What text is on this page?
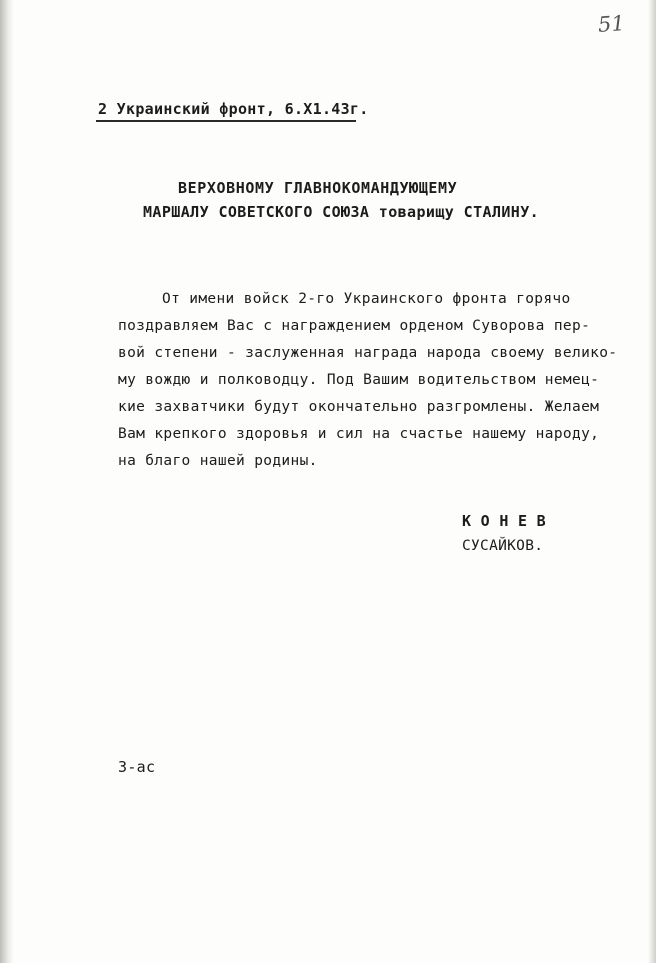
51
2 Украинский фронт, 6.Х1.43г.
ВЕРХОВНОМУ ГЛАВНОКОМАНДУЮЩЕМУ
МАРШАЛУ СОВЕТСКОГО СОЮЗА товарищу СТАЛИНУ.
От имени войск 2-го Украинского фронта горячо
поздравляем Вас с награждением орденом Суворова пер-
вой степени - заслуженная награда народа своему велико-
му вождю и полководцу. Под Вашим водительством немец-
кие захватчики будут окончательно разгромлены. Желаем
Вам крепкого здоровья и сил на счастье нашему народу,
на благо нашей родины.
К О Н Е В
СУСАЙКОВ.
3-ас
